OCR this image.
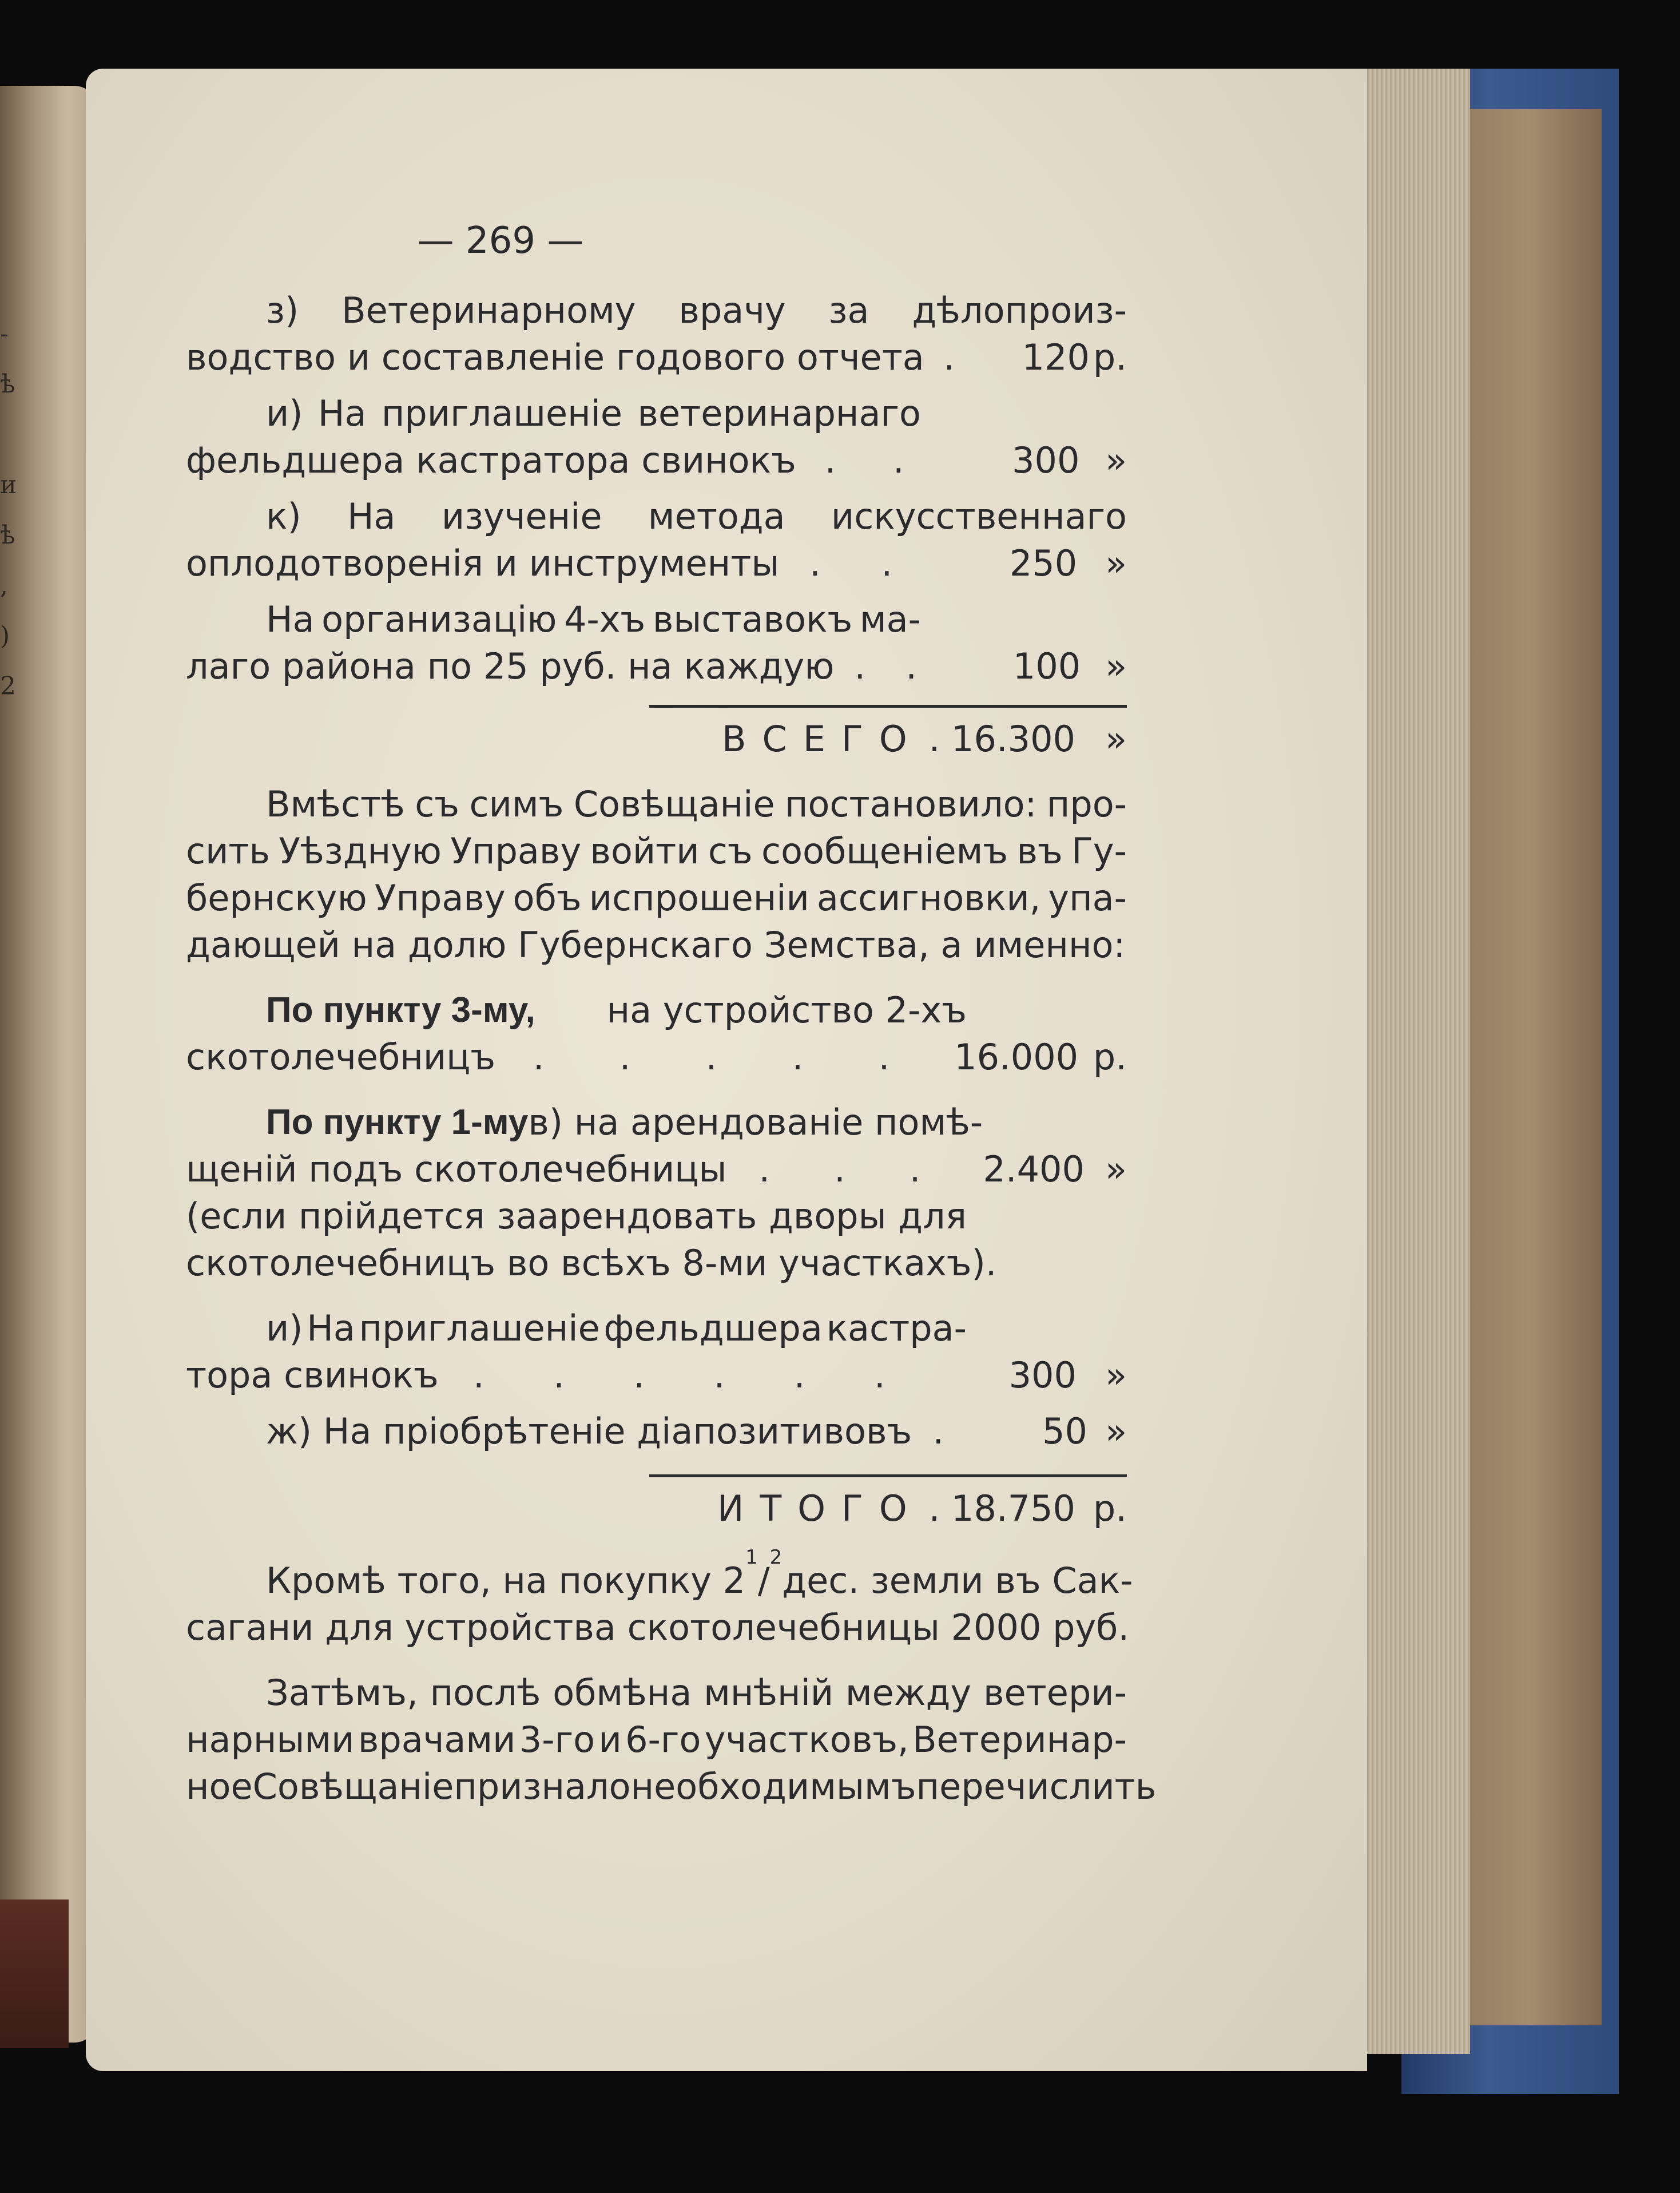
-
ѣ
и
ѣ
,
)
2
— 269 —
з) Ветеринарному врачу за дѣлопроиз-
водство и составленіе годового отчета .	120 р.
и) На приглашеніе ветеринарнаго
фельдшера кастратора свинокъ . .	300 »
к) На изученіе метода искусственнаго
оплодотворенія и инструменты . .	250 »
На организацію 4-хъ выставокъ ма-
лаго района по 25 руб. на каждую . .	100 »
ВСЕГО . 16.300 »
Вмѣстѣ съ симъ Совѣщаніе постановило: про-
сить Уѣздную Управу войти съ сообщеніемъ въ Гу-
бернскую Управу объ испрошеніи ассигновки, упа-
дающей на долю Губернскаго Земства, а именно:
По пункту 3-му, на устройство 2-хъ
скотолечебницъ . . . . .	16.000 р.
По пункту 1-му в) на арендованіе помѣ-
щеній подъ скотолечебницы . . .	2.400 »
(если прійдется заарендовать дворы для
скотолечебницъ во всѣхъ 8-ми участкахъ).
и) На приглашеніе фельдшера кастра-
тора свинокъ . . . . . .	300 »
ж) На пріобрѣтеніе діапозитивовъ .	50 »
ИТОГО . 18.750 р.
Кромѣ того, на покупку 2
1
/
2
дес. земли въ Сак-
сагани для устройства скотолечебницы 2000 руб.
Затѣмъ, послѣ обмѣна мнѣній между ветери-
нарными врачами 3-го и 6-го участковъ, Ветеринар-
ное Совѣщаніе признало необходимымъ перечислить
